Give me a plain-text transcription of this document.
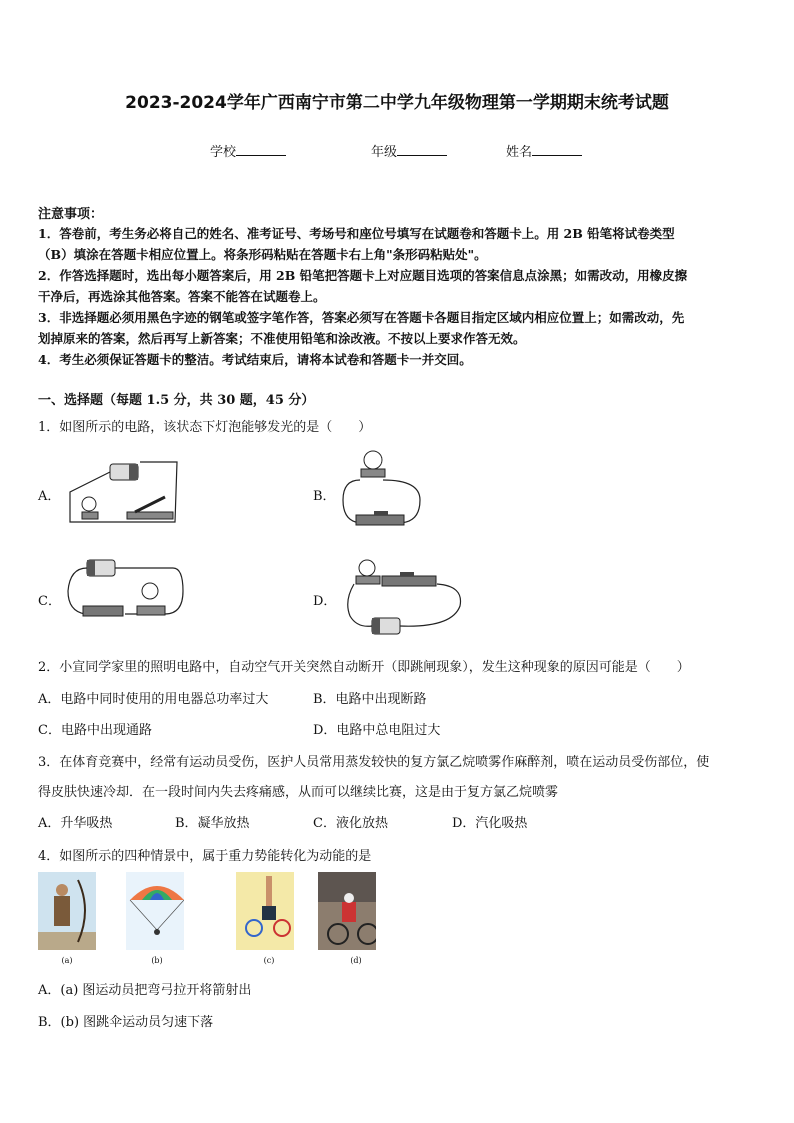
2023-2024学年广西南宁市第二中学九年级物理第一学期期末统考试题
学校	年级	姓名
注意事项：
1．答卷前，考生务必将自己的姓名、准考证号、考场号和座位号填写在试题卷和答题卡上。用 2B 铅笔将试卷类型
（B）填涂在答题卡相应位置上。将条形码粘贴在答题卡右上角"条形码粘贴处"。
2．作答选择题时，选出每小题答案后，用 2B 铅笔把答题卡上对应题目选项的答案信息点涂黑；如需改动，用橡皮擦
干净后，再选涂其他答案。答案不能答在试题卷上。
3．非选择题必须用黑色字迹的钢笔或签字笔作答，答案必须写在答题卡各题目指定区域内相应位置上；如需改动，先
划掉原来的答案，然后再写上新答案；不准使用铅笔和涂改液。不按以上要求作答无效。
4．考生必须保证答题卡的整洁。考试结束后，请将本试卷和答题卡一并交回。
一、选择题（每题 1.5 分，共 30 题，45 分）
1．如图所示的电路，该状态下灯泡能够发光的是（　　）
A．	B．
C．	D．
2．小宣同学家里的照明电路中，自动空气开关突然自动断开（即跳闸现象），发生这种现象的原因可能是（　　）
A．电路中同时使用的用电器总功率过大	B．电路中出现断路
C．电路中出现通路	D．电路中总电阻过大
3．在体育竞赛中，经常有运动员受伤，医护人员常用蒸发较快的复方氯乙烷喷雾作麻醉剂，喷在运动员受伤部位，使
得皮肤快速冷却．在一段时间内失去疼痛感，从而可以继续比赛，这是由于复方氯乙烷喷雾
A．升华吸热	B．凝华放热	C．液化放热	D．汽化吸热
4．如图所示的四种情景中，属于重力势能转化为动能的是
(a)	(b)	(c)	(d)
A．(a) 图运动员把弯弓拉开将箭射出
B．(b) 图跳伞运动员匀速下落
